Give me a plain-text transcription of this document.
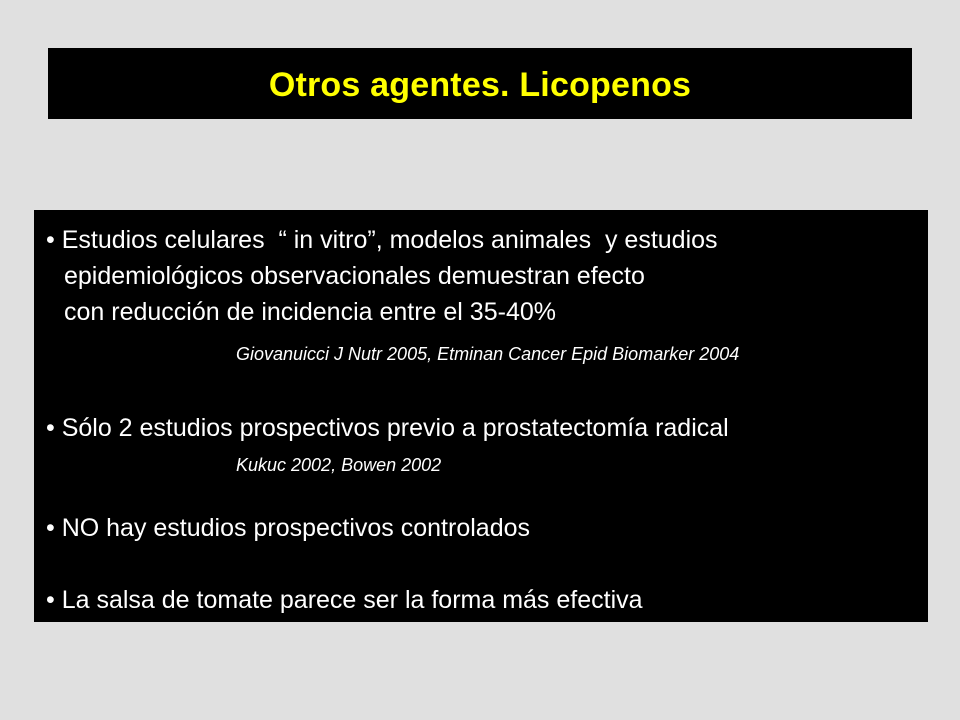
Otros agentes. Licopenos
• Estudios celulares  “ in vitro”, modelos animales  y estudios
epidemiológicos observacionales demuestran efecto
con reducción de incidencia entre el 35-40%
Giovanuicci J Nutr 2005, Etminan Cancer Epid Biomarker 2004
• Sólo 2 estudios prospectivos previo a prostatectomía radical
Kukuc 2002, Bowen 2002
• NO hay estudios prospectivos controlados
• La salsa de tomate parece ser la forma más efectiva
